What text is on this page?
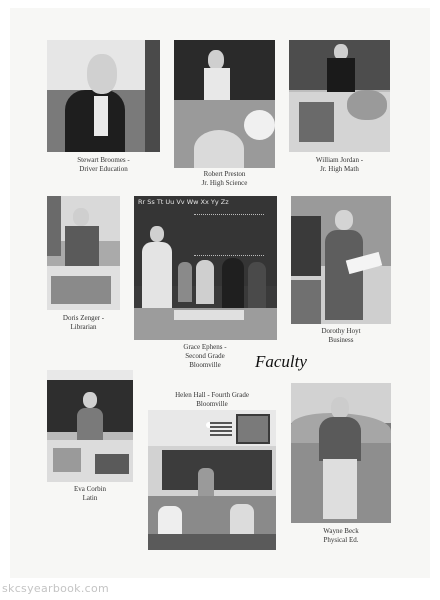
Stewart Broomes -
Driver Education
Robert Preston
Jr. High Science
William Jordan -
Jr. High Math
Doris Zenger -
Librarian
Rr Ss Tt Uu Vv Ww Xx Yy Zz
Grace Ephens -
Second Grade
Bloomville
Dorothy Hoyt
Business
Faculty
Eva Corbin
Latin
Helen Hall - Fourth Grade
Bloomville
Wayne Beck
Physical Ed.
skcsyearbook.com
